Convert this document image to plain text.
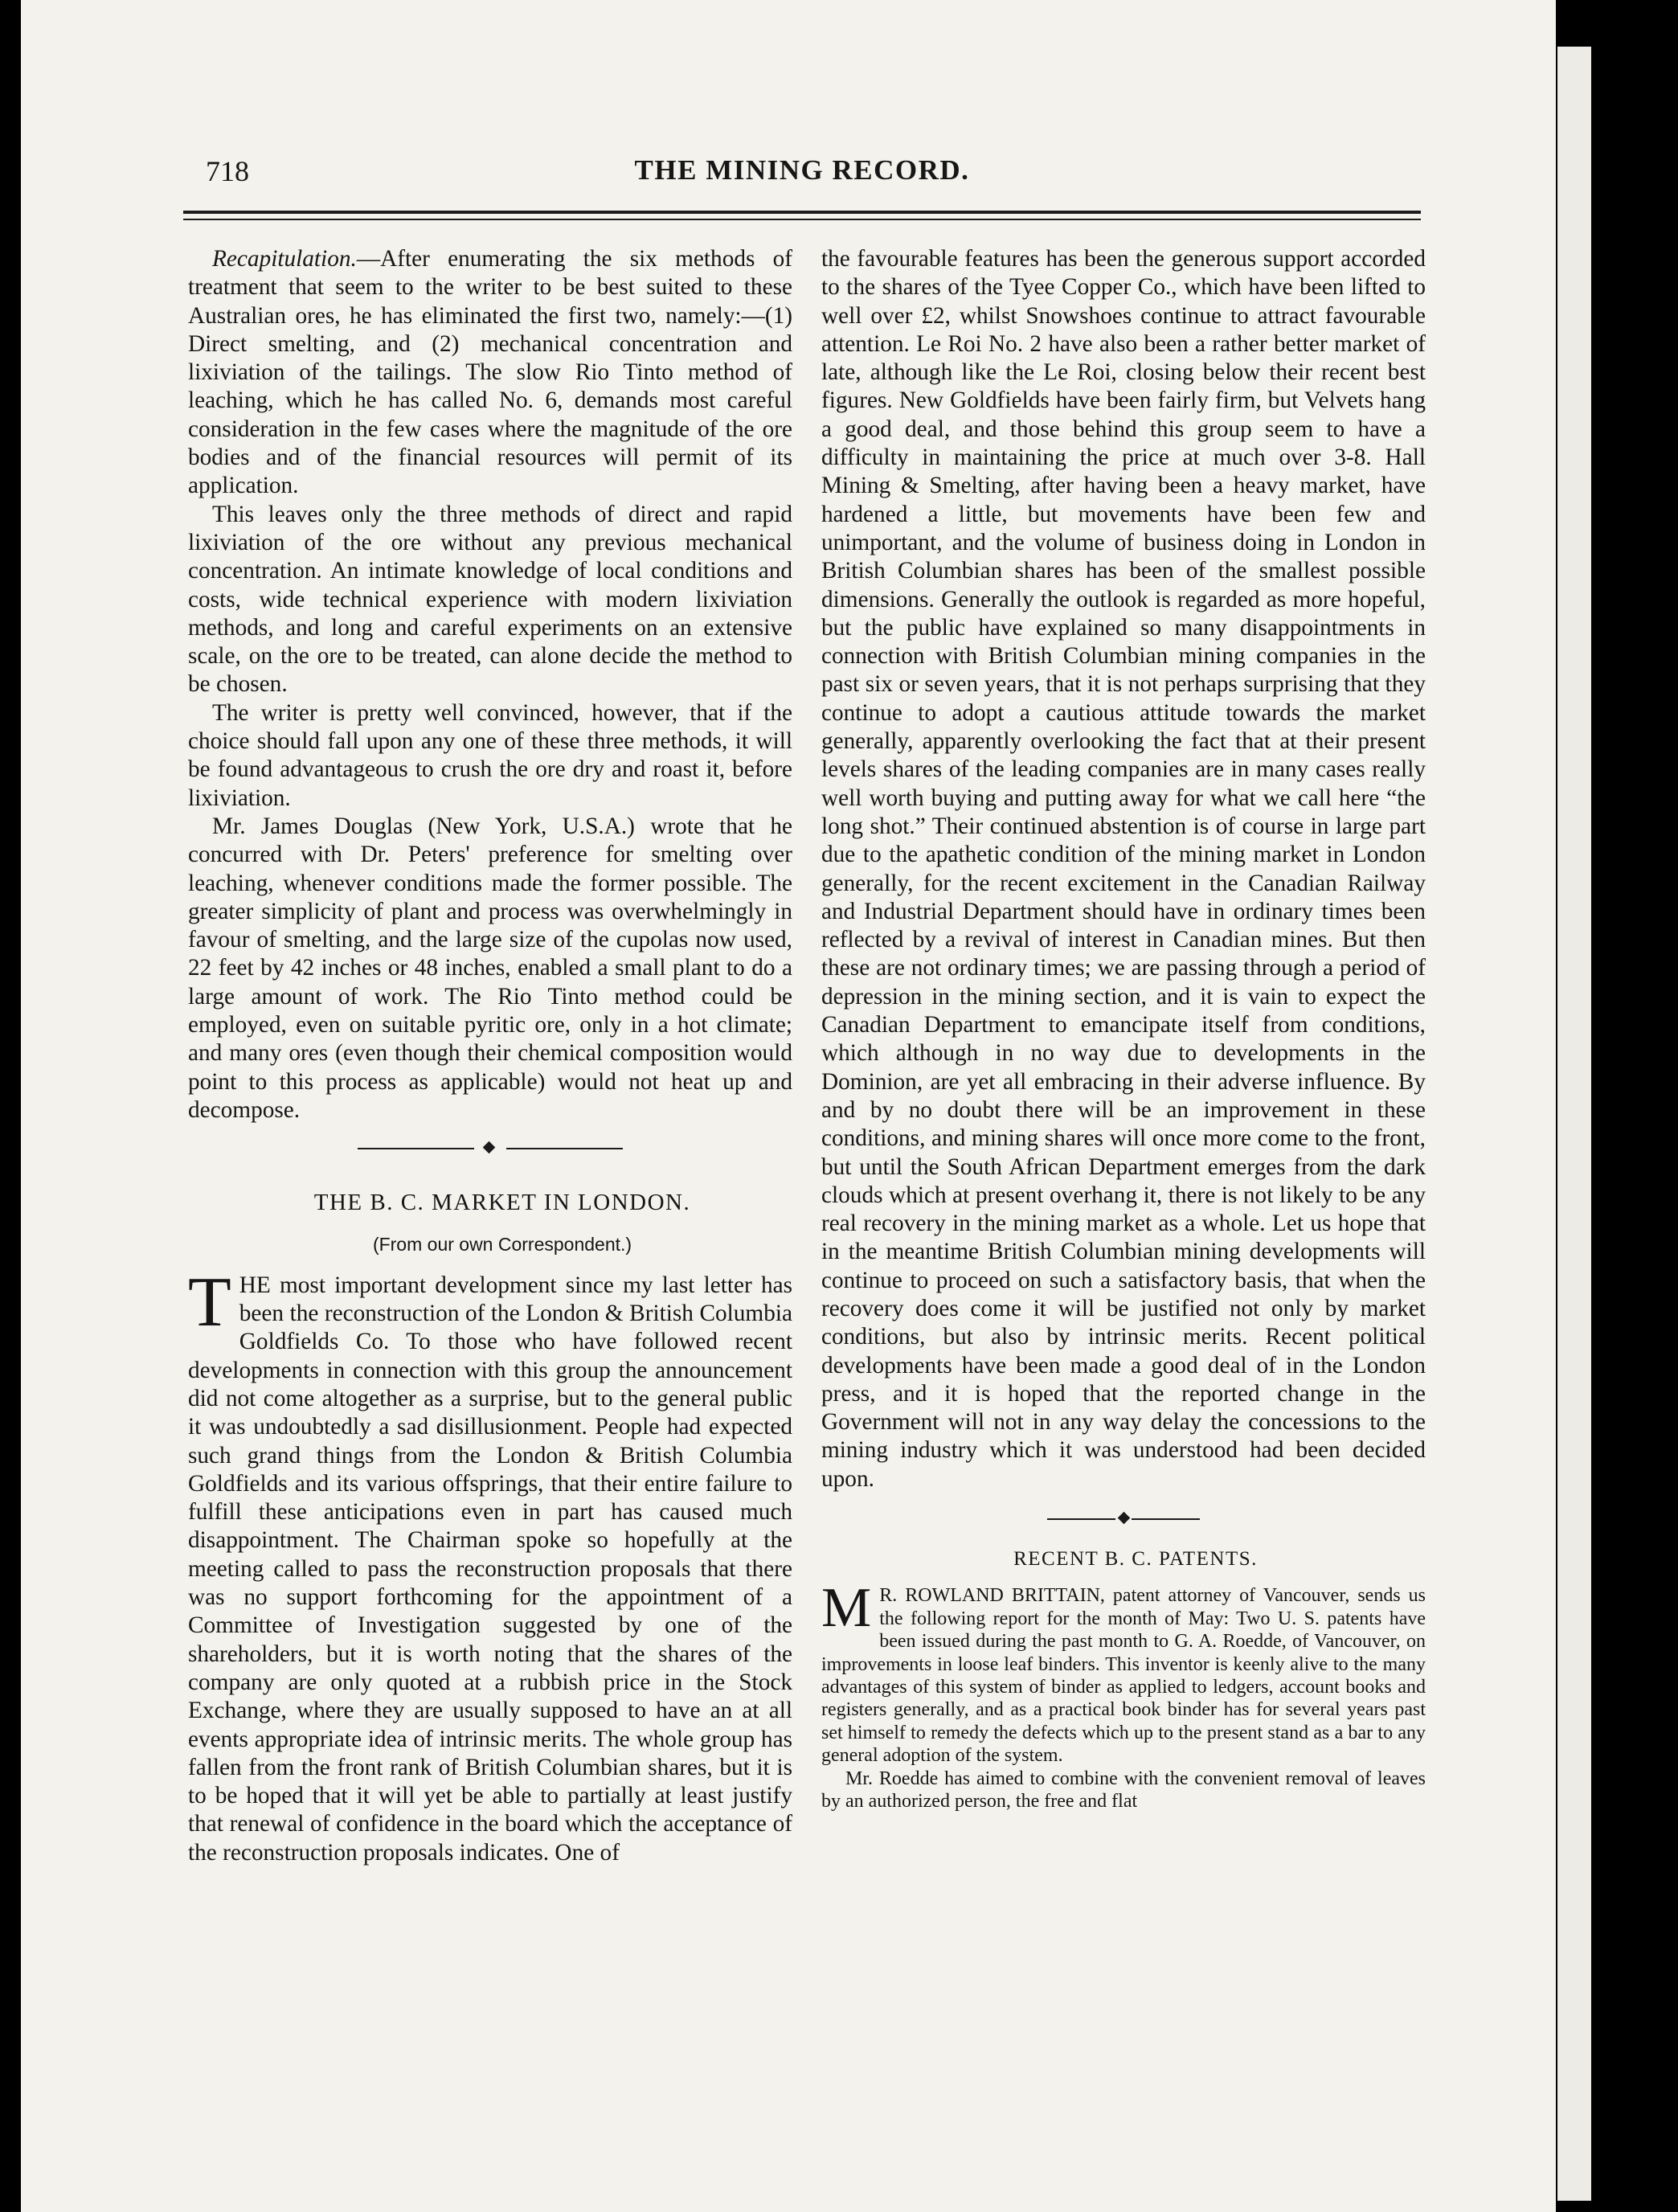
718	THE MINING RECORD.

Recapitulation.—After enumerating the six methods of treatment that seem to the writer to be best suited to these Australian ores, he has eliminated the first two, namely:—(1) Direct smelting, and (2) mechanical concentration and lixiviation of the tailings. The slow Rio Tinto method of leaching, which he has called No. 6, demands most careful consideration in the few cases where the magnitude of the ore bodies and of the financial resources will permit of its application.

This leaves only the three methods of direct and rapid lixiviation of the ore without any previous mechanical concentration. An intimate knowledge of local conditions and costs, wide technical experience with modern lixiviation methods, and long and careful experiments on an extensive scale, on the ore to be treated, can alone decide the method to be chosen.

The writer is pretty well convinced, however, that if the choice should fall upon any one of these three methods, it will be found advantageous to crush the ore dry and roast it, before lixiviation.

Mr. James Douglas (New York, U.S.A.) wrote that he concurred with Dr. Peters' preference for smelting over leaching, whenever conditions made the former possible. The greater simplicity of plant and process was overwhelmingly in favour of smelting, and the large size of the cupolas now used, 22 feet by 42 inches or 48 inches, enabled a small plant to do a large amount of work. The Rio Tinto method could be employed, even on suitable pyritic ore, only in a hot climate; and many ores (even though their chemical composition would point to this process as applicable) would not heat up and decompose.

THE B. C. MARKET IN LONDON.

(From our own Correspondent.)

THE most important development since my last letter has been the reconstruction of the London & British Columbia Goldfields Co. To those who have followed recent developments in connection with this group the announcement did not come altogether as a surprise, but to the general public it was undoubtedly a sad disillusionment. People had expected such grand things from the London & British Columbia Goldfields and its various offsprings, that their entire failure to fulfill these anticipations even in part has caused much disappointment. The Chairman spoke so hopefully at the meeting called to pass the reconstruction proposals that there was no support forthcoming for the appointment of a Committee of Investigation suggested by one of the shareholders, but it is worth noting that the shares of the company are only quoted at a rubbish price in the Stock Exchange, where they are usually supposed to have an at all events appropriate idea of intrinsic merits. The whole group has fallen from the front rank of British Columbian shares, but it is to be hoped that it will yet be able to partially at least justify that renewal of confidence in the board which the acceptance of the reconstruction proposals indicates. One of

the favourable features has been the generous support accorded to the shares of the Tyee Copper Co., which have been lifted to well over £2, whilst Snowshoes continue to attract favourable attention. Le Roi No. 2 have also been a rather better market of late, although like the Le Roi, closing below their recent best figures. New Goldfields have been fairly firm, but Velvets hang a good deal, and those behind this group seem to have a difficulty in maintaining the price at much over 3-8. Hall Mining & Smelting, after having been a heavy market, have hardened a little, but movements have been few and unimportant, and the volume of business doing in London in British Columbian shares has been of the smallest possible dimensions. Generally the outlook is regarded as more hopeful, but the public have explained so many disappointments in connection with British Columbian mining companies in the past six or seven years, that it is not perhaps surprising that they continue to adopt a cautious attitude towards the market generally, apparently overlooking the fact that at their present levels shares of the leading companies are in many cases really well worth buying and putting away for what we call here “the long shot.” Their continued abstention is of course in large part due to the apathetic condition of the mining market in London generally, for the recent excitement in the Canadian Railway and Industrial Department should have in ordinary times been reflected by a revival of interest in Canadian mines. But then these are not ordinary times; we are passing through a period of depression in the mining section, and it is vain to expect the Canadian Department to emancipate itself from conditions, which although in no way due to developments in the Dominion, are yet all embracing in their adverse influence. By and by no doubt there will be an improvement in these conditions, and mining shares will once more come to the front, but until the South African Department emerges from the dark clouds which at present overhang it, there is not likely to be any real recovery in the mining market as a whole. Let us hope that in the meantime British Columbian mining developments will continue to proceed on such a satisfactory basis, that when the recovery does come it will be justified not only by market conditions, but also by intrinsic merits. Recent political developments have been made a good deal of in the London press, and it is hoped that the reported change in the Government will not in any way delay the concessions to the mining industry which it was understood had been decided upon.

RECENT B. C. PATENTS.

M R. ROWLAND BRITTAIN, patent attorney of Vancouver, sends us the following report for the month of May: Two U. S. patents have been issued during the past month to G. A. Roedde, of Vancouver, on improvements in loose leaf binders. This inventor is keenly alive to the many advantages of this system of binder as applied to ledgers, account books and registers generally, and as a practical book binder has for several years past set himself to remedy the defects which up to the present stand as a bar to any general adoption of the system.

Mr. Roedde has aimed to combine with the convenient removal of leaves by an authorized person, the free and flat
